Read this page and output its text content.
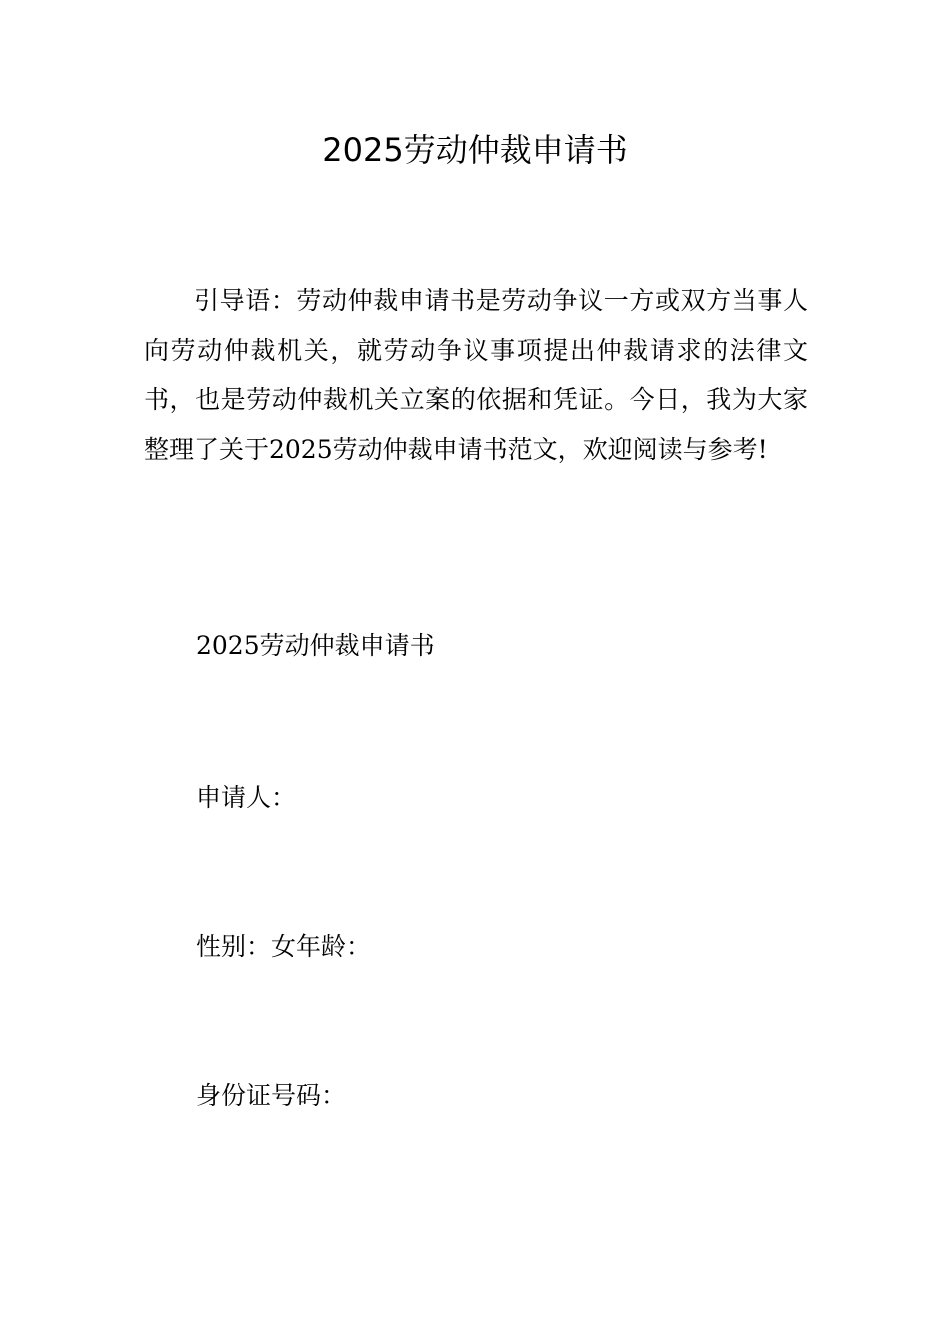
2025劳动仲裁申请书

引导语：劳动仲裁申请书是劳动争议一方或双方当事人向劳动仲裁机关，就劳动争议事项提出仲裁请求的法律文书，也是劳动仲裁机关立案的依据和凭证。今日，我为大家整理了关于2025劳动仲裁申请书范文，欢迎阅读与参考!

2025劳动仲裁申请书

申请人：

性别：女年龄：

身份证号码：
